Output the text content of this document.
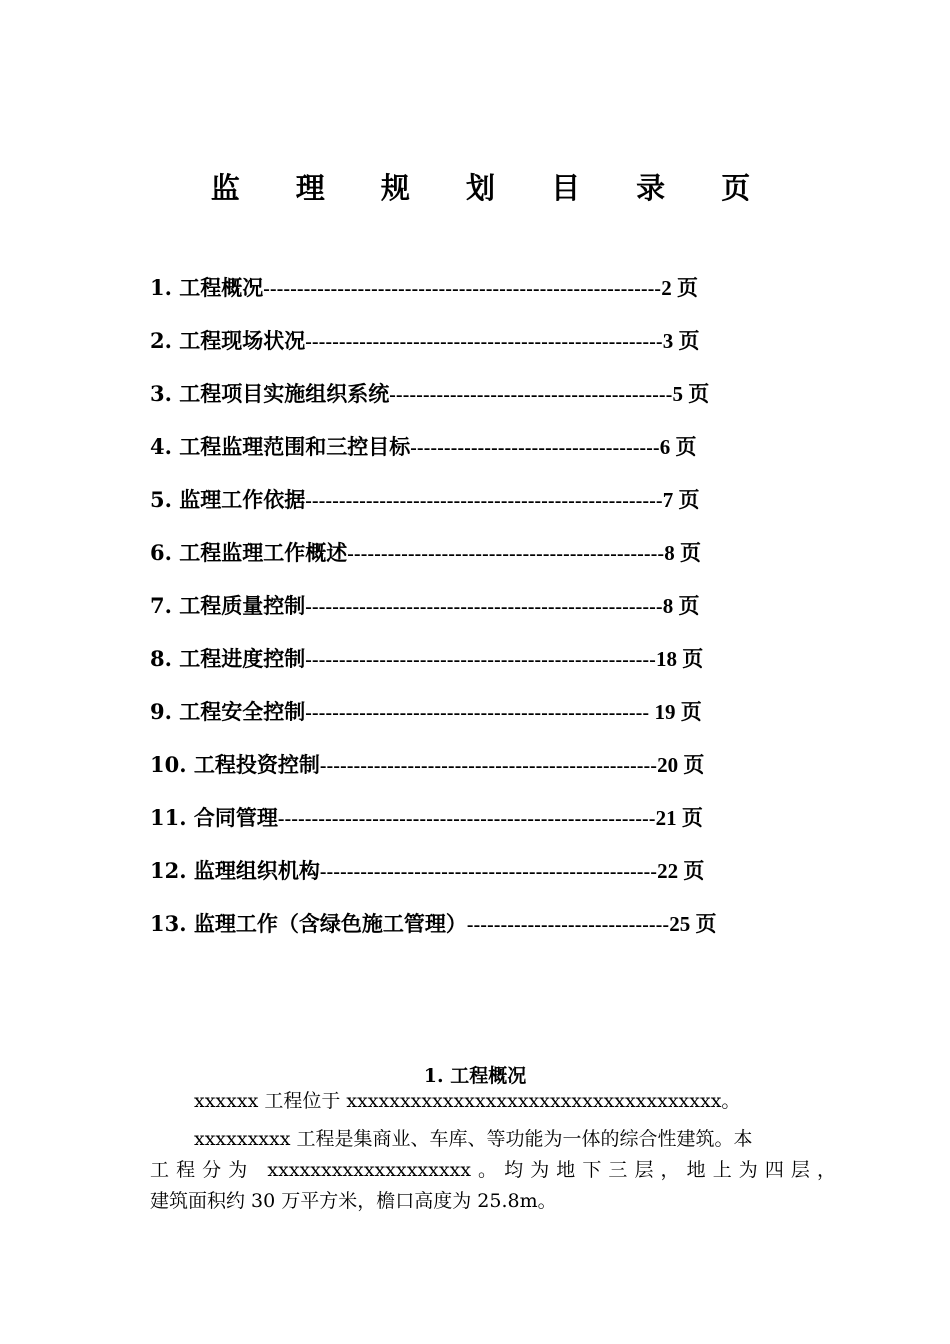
监 理 规 划 目 录 页
1. 工程概况-----------------------------------------------------------2 页
2. 工程现场状况-----------------------------------------------------3 页
3. 工程项目实施组织系统------------------------------------------5 页
4. 工程监理范围和三控目标-------------------------------------6 页
5. 监理工作依据-----------------------------------------------------7 页
6. 工程监理工作概述-----------------------------------------------8 页
7. 工程质量控制-----------------------------------------------------8 页
8. 工程进度控制----------------------------------------------------18 页
9. 工程安全控制--------------------------------------------------- 19 页
10. 工程投资控制--------------------------------------------------20 页
11. 合同管理--------------------------------------------------------21 页
12. 监理组织机构--------------------------------------------------22 页
13. 监理工作（含绿色施工管理）------------------------------25 页
1. 工程概况

xxxxxx 工程位于 xxxxxxxxxxxxxxxxxxxxxxxxxxxxxxxxxxx。

xxxxxxxxx 工程是集商业、车库、等功能为一体的综合性建筑。本
工程分为 xxxxxxxxxxxxxxxxxxx。均为地下三层，地上为四层，
建筑面积约 30 万平方米，檐口高度为 25.8m。
